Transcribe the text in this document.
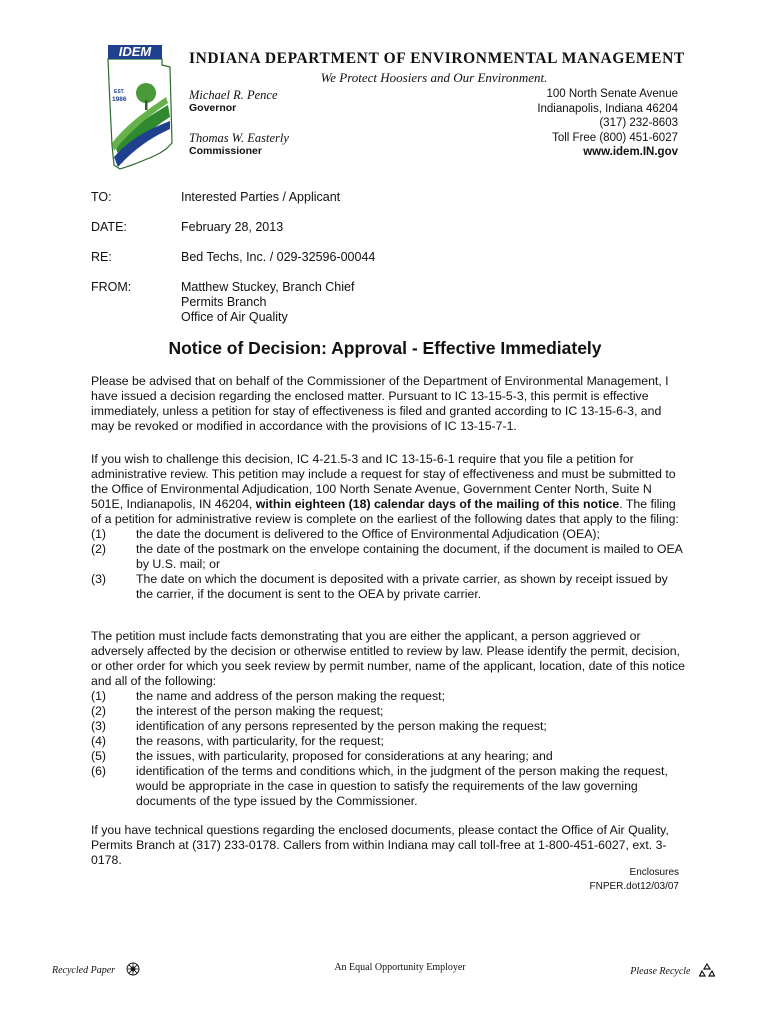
IDEM
EST.
1986
INDIANA DEPARTMENT OF ENVIRONMENTAL MANAGEMENT
We Protect Hoosiers and Our Environment.
Michael R. Pence
Governor
Thomas W. Easterly
Commissioner
100 North Senate Avenue
Indianapolis, Indiana 46204
(317) 232-8603
Toll Free (800) 451-6027
www.idem.IN.gov
TO:	Interested Parties / Applicant
DATE:	February 28, 2013
RE:	Bed Techs, Inc. / 029-32596-00044
FROM:	Matthew Stuckey, Branch Chief
Permits Branch
Office of Air Quality
Notice of Decision: Approval - Effective Immediately
Please be advised that on behalf of the Commissioner of the Department of Environmental Management, I have issued a decision regarding the enclosed matter. Pursuant to IC 13-15-5-3, this permit is effective immediately, unless a petition for stay of effectiveness is filed and granted according to IC 13-15-6-3, and may be revoked or modified in accordance with the provisions of IC 13-15-7-1.
If you wish to challenge this decision, IC 4-21.5-3 and IC 13-15-6-1 require that you file a petition for administrative review. This petition may include a request for stay of effectiveness and must be submitted to the Office of Environmental Adjudication, 100 North Senate Avenue, Government Center North, Suite N 501E, Indianapolis, IN 46204, within eighteen (18) calendar days of the mailing of this notice. The filing of a petition for administrative review is complete on the earliest of the following dates that apply to the filing:
(1) the date the document is delivered to the Office of Environmental Adjudication (OEA);
(2) the date of the postmark on the envelope containing the document, if the document is mailed to OEA by U.S. mail; or
(3) The date on which the document is deposited with a private carrier, as shown by receipt issued by the carrier, if the document is sent to the OEA by private carrier.
The petition must include facts demonstrating that you are either the applicant, a person aggrieved or adversely affected by the decision or otherwise entitled to review by law. Please identify the permit, decision, or other order for which you seek review by permit number, name of the applicant, location, date of this notice and all of the following:
(1) the name and address of the person making the request;
(2) the interest of the person making the request;
(3) identification of any persons represented by the person making the request;
(4) the reasons, with particularity, for the request;
(5) the issues, with particularity, proposed for considerations at any hearing; and
(6) identification of the terms and conditions which, in the judgment of the person making the request, would be appropriate in the case in question to satisfy the requirements of the law governing documents of the type issued by the Commissioner.
If you have technical questions regarding the enclosed documents, please contact the Office of Air Quality, Permits Branch at (317) 233-0178. Callers from within Indiana may call toll-free at 1-800-451-6027, ext. 3-0178.
Enclosures
FNPER.dot12/03/07
Recycled Paper	An Equal Opportunity Employer	Please Recycle
